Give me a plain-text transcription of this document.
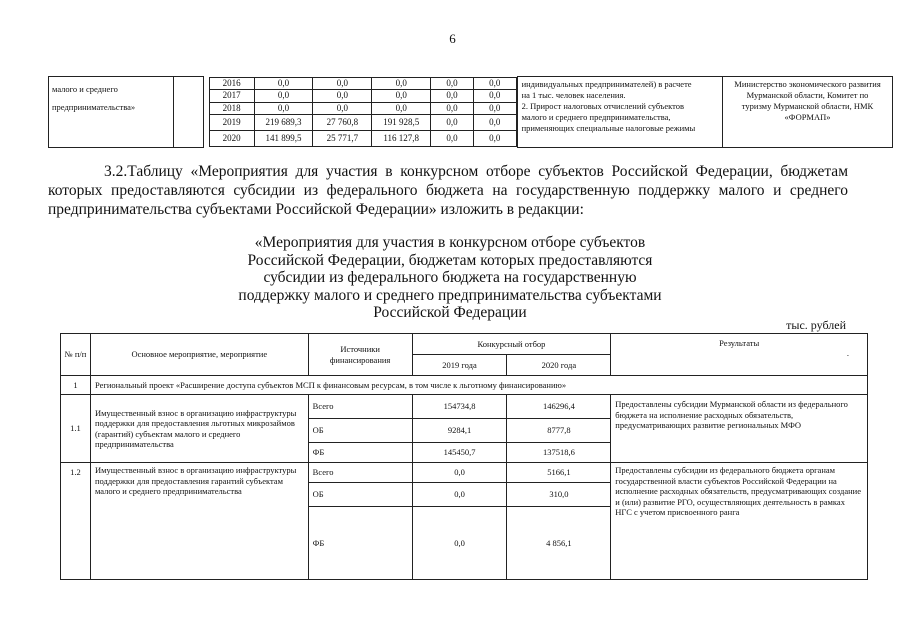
6
малого и среднего предпринимательства»		
2016	0,0	0,0	0,0	0,0	0,0
2017	0,0	0,0	0,0	0,0	0,0
2018	0,0	0,0	0,0	0,0	0,0
2019	219 689,3	27 760,8	191 928,5	0,0	0,0
2020	141 899,5	25 771,7	116 127,8	0,0	0,0

индивидуальных предпринимателей) в расчете
на 1 тыс. человек населения.
2. Прирост налоговых отчислений субъектов
малого и среднего предпринимательства,
применяющих специальные налоговые режимы

Министерство экономического развития
Мурманской области, Комитет по
туризму Мурманской области, НМК
«ФОРМАП»
3.2.Таблицу «Мероприятия для участия в конкурсном отборе субъектов Российской Федерации, бюджетам которых предоставляются субсидии из федерального бюджета на государственную поддержку малого и среднего предпринимательства субъектами Российской Федерации» изложить в редакции:
«Мероприятия для участия в конкурсном отборе субъектов
Российской Федерации, бюджетам которых предоставляются
субсидии из федерального бюджета на государственную
поддержку малого и среднего предпринимательства субъектами
Российской Федерации
тыс. рублей
№ п/п	Основное мероприятие, мероприятие	Источники финансирования	Конкурсный отбор		Результаты
.

			2019 года	2020 года	
1	Региональный проект «Расширение доступа субъектов МСП к финансовым ресурсам, в том числе к льготному финансированию»				
1.1	Имущественный взнос в организацию инфраструктуры поддержки для предоставления льготных микрозаймов (гарантий) субъектам малого и среднего предпринимательства	Всего	154734,8	146296,4	Предоставлены субсидии Мурманской области из федерального бюджета на исполнение расходных обязательств, предусматривающих развитие региональных МФО
		ОБ	9284,1	8777,8	
		ФБ	145450,7	137518,6	
1.2	Имущественный взнос в организацию инфраструктуры поддержки для предоставления гарантий субъектам малого и среднего предпринимательства	Всего	0,0	5166,1	Предоставлены субсидии из федерального бюджета органам государственной власти субъектов Российской Федерации на исполнение расходных обязательств, предусматривающих создание и (или) развитие РГО, осуществляющих деятельность в рамках НГС с учетом присвоенного ранга
		ОБ	0,0	310,0	
		ФБ	0,0	4 856,1	
